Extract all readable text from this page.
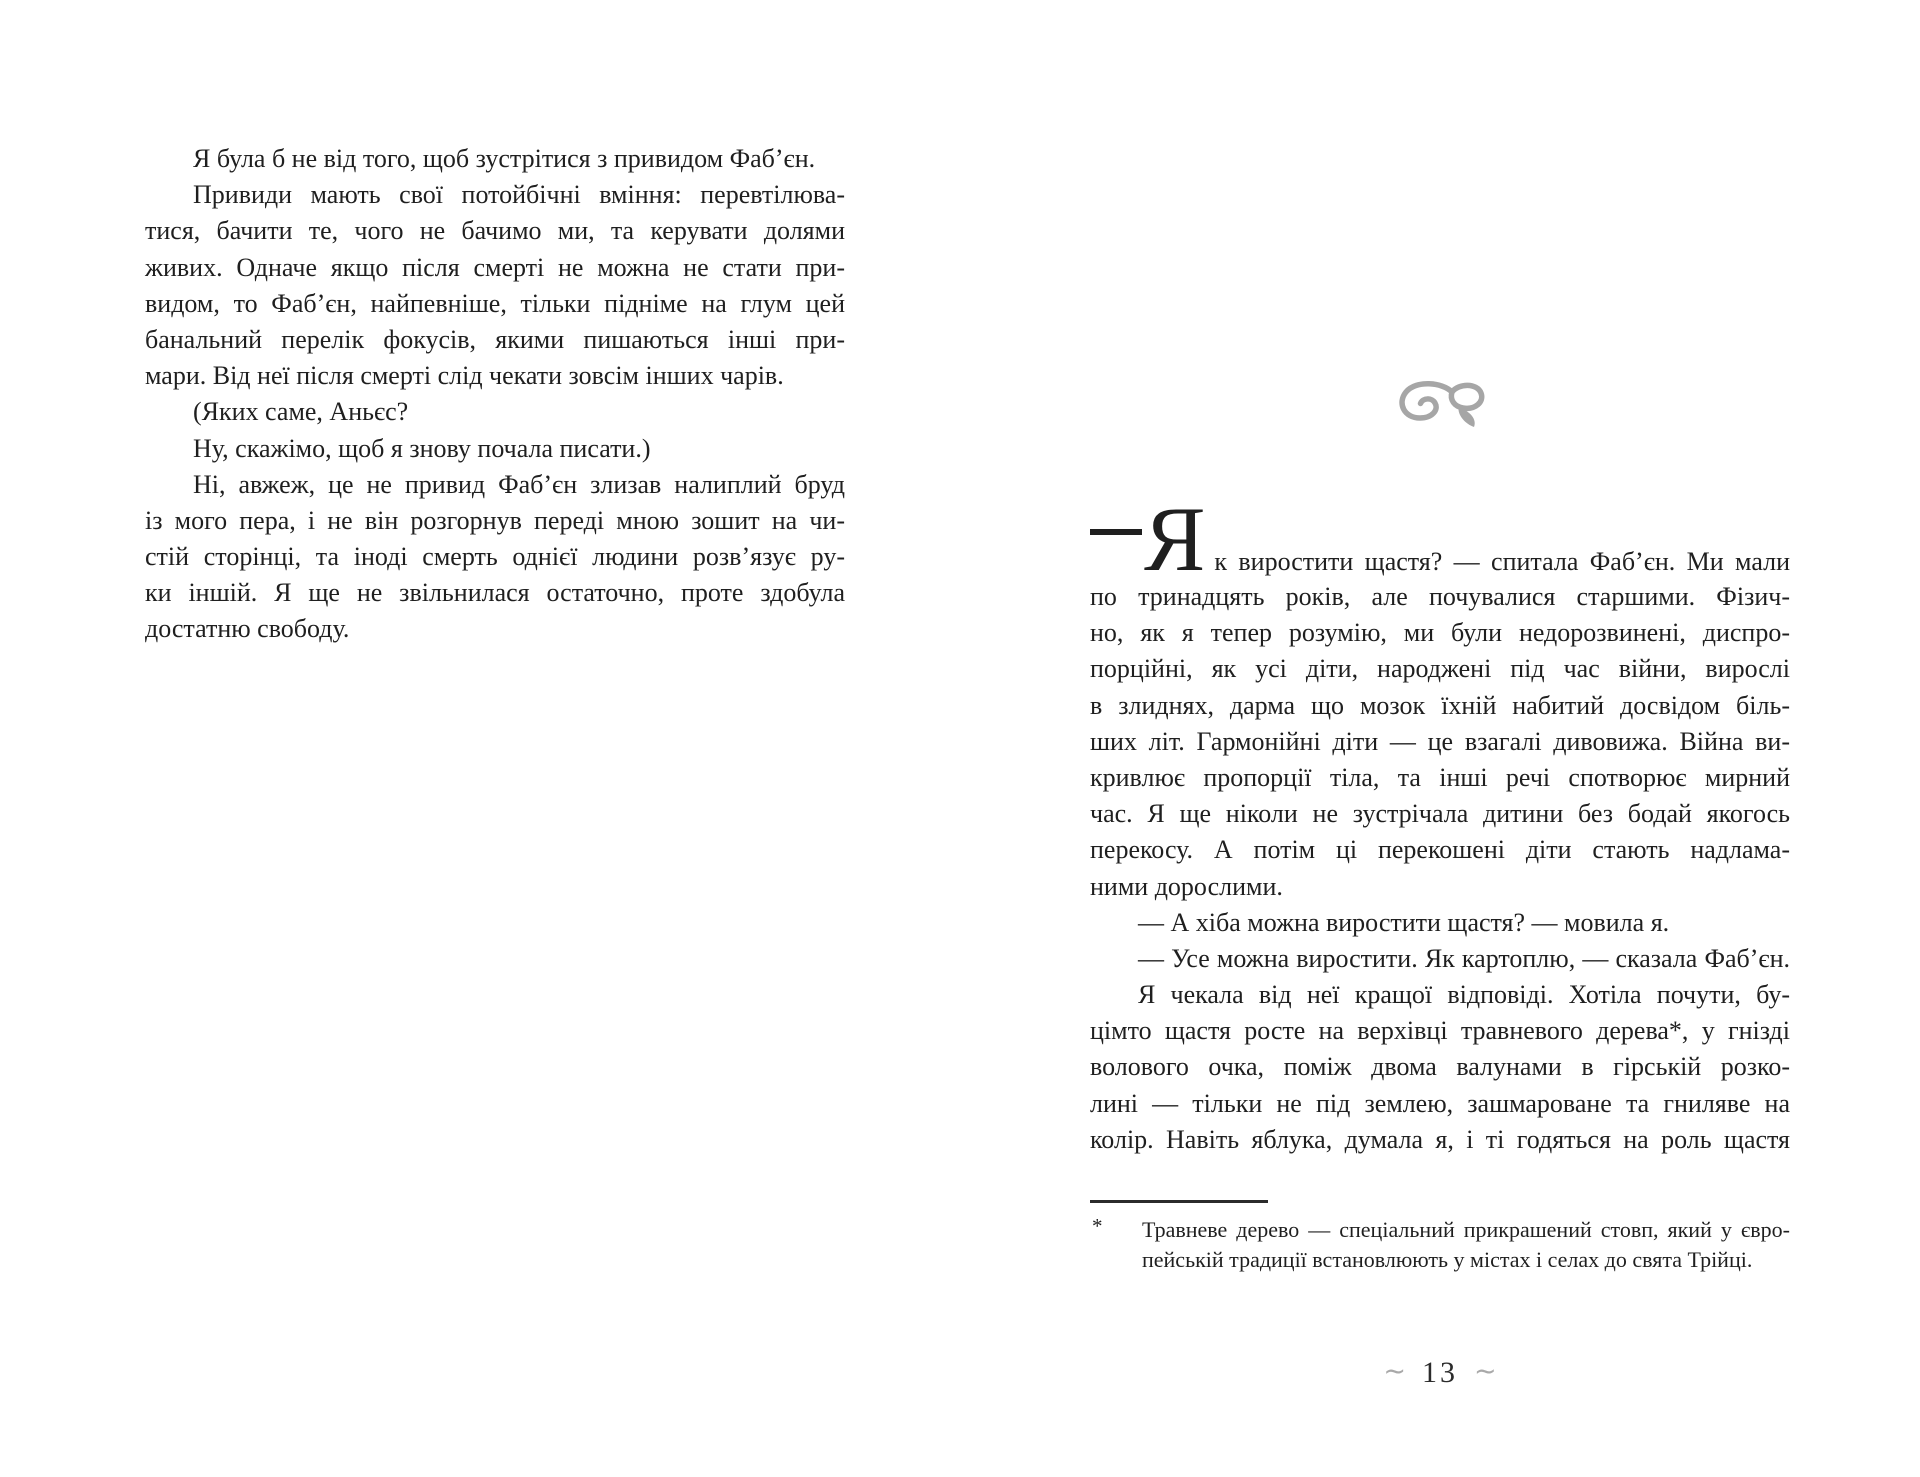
Я була б не від того, щоб зустрітися з привидом Фаб’єн.
Привиди мають свої потойбічні вміння: перевтілюва-
тися, бачити те, чого не бачимо ми, та керувати долями
живих. Одначе якщо після смерті не можна не стати при-
видом, то Фаб’єн, найпевніше, тільки підніме на глум цей
банальний перелік фокусів, якими пишаються інші при-
мари. Від неї після смерті слід чекати зовсім інших чарів.
(Яких саме, Аньєс?
Ну, скажімо, щоб я знову почала писати.)
Ні, авжеж, це не привид Фаб’єн злизав налиплий бруд
із мого пера, і не він розгорнув переді мною зошит на чи-
стій сторінці, та іноді смерть однієї людини розв’язує ру-
ки іншій. Я ще не звільнилася остаточно, проте здобула
достатню свободу.
Я к виростити щастя? — спитала Фаб’єн. Ми мали
по тринадцять років, але почувалися старшими. Фізич-
но, як я тепер розумію, ми були недорозвинені, диспро-
порційні, як усі діти, народжені під час війни, вирослі
в злиднях, дарма що мозок їхній набитий досвідом біль-
ших літ. Гармонійні діти — це взагалі дивовижа. Війна ви-
кривлює пропорції тіла, та інші речі спотворює мирний
час. Я ще ніколи не зустрічала дитини без бодай якогось
перекосу. А потім ці перекошені діти стають надлама-
ними дорослими.
— А хіба можна виростити щастя? — мовила я.
— Усе можна виростити. Як картоплю, — сказала Фаб’єн.
Я чекала від неї кращої відповіді. Хотіла почути, бу-
цімто щастя росте на верхівці травневого дерева*, у гнізді
волового очка, поміж двома валунами в гірській розко-
лині — тільки не під землею, зашмароване та гниляве на
колір. Навіть яблука, думала я, і ті годяться на роль щастя
* Травневе дерево — спеціальний прикрашений стовп, який у євро-
пейській традиції встановлюють у містах і селах до свята Трійці.
∼ 13 ∼
